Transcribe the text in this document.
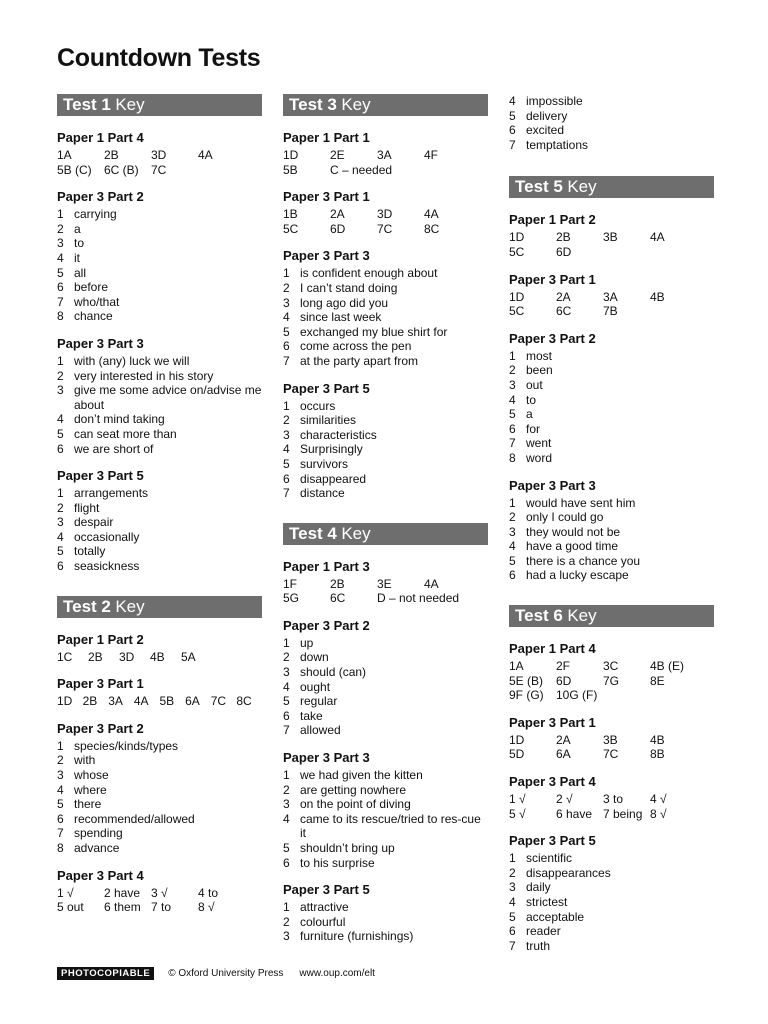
Countdown Tests
Test 1 Key
Paper 1 Part 4
1A	2B	3D	4A
5B (C)	6C (B)	7C
Paper 3 Part 2
1 carrying
2 a
3 to
4 it
5 all
6 before
7 who/that
8 chance
Paper 3 Part 3
1 with (any) luck we will
2 very interested in his story
3 give me some advice on/advise me about
4 don’t mind taking
5 can seat more than
6 we are short of
Paper 3 Part 5
1 arrangements
2 flight
3 despair
4 occasionally
5 totally
6 seasickness
Test 2 Key
Paper 1 Part 2
1C	2B	3D	4B	5A
Paper 3 Part 1
1D 2B 3A 4A 5B 6A 7C 8C
Paper 3 Part 2
1 species/kinds/types
2 with
3 whose
4 where
5 there
6 recommended/allowed
7 spending
8 advance
Paper 3 Part 4
1 √	2 have 3 √	4 to
5 out	6 them 7 to	8 √
Test 3 Key
Paper 1 Part 1
1D	2E	3A	4F
5B	C – needed
Paper 3 Part 1
1B	2A	3D	4A
5C	6D	7C	8C
Paper 3 Part 3
1 is confident enough about
2 I can’t stand doing
3 long ago did you
4 since last week
5 exchanged my blue shirt for
6 come across the pen
7 at the party apart from
Paper 3 Part 5
1 occurs
2 similarities
3 characteristics
4 Surprisingly
5 survivors
6 disappeared
7 distance
Test 4 Key
Paper 1 Part 3
1F	2B	3E	4A
5G	6C	D – not needed
Paper 3 Part 2
1 up
2 down
3 should (can)
4 ought
5 regular
6 take
7 allowed
Paper 3 Part 3
1 we had given the kitten
2 are getting nowhere
3 on the point of diving
4 came to its rescue/tried to res-cue it
5 shouldn’t bring up
6 to his surprise
Paper 3 Part 5
1 attractive
2 colourful
3 furniture (furnishings)
4 impossible
5 delivery
6 excited
7 temptations
Test 5 Key
Paper 1 Part 2
1D	2B	3B	4A
5C	6D
Paper 3 Part 1
1D	2A	3A	4B
5C	6C	7B
Paper 3 Part 2
1 most
2 been
3 out
4 to
5 a
6 for
7 went
8 word
Paper 3 Part 3
1 would have sent him
2 only I could go
3 they would not be
4 have a good time
5 there is a chance you
6 had a lucky escape
Test 6 Key
Paper 1 Part 4
1A	2F	3C	4B (E)
5E (B)	6D	7G	8E
9F (G)	10G (F)
Paper 3 Part 1
1D	2A	3B	4B
5D	6A	7C	8B
Paper 3 Part 4
1 √	2 √	3 to	4 √
5 √	6 have 7 being 8 √
Paper 3 Part 5
1 scientific
2 disappearances
3 daily
4 strictest
5 acceptable
6 reader
7 truth
PHOTOCOPIABLE	© Oxford University Press www.oup.com/elt
